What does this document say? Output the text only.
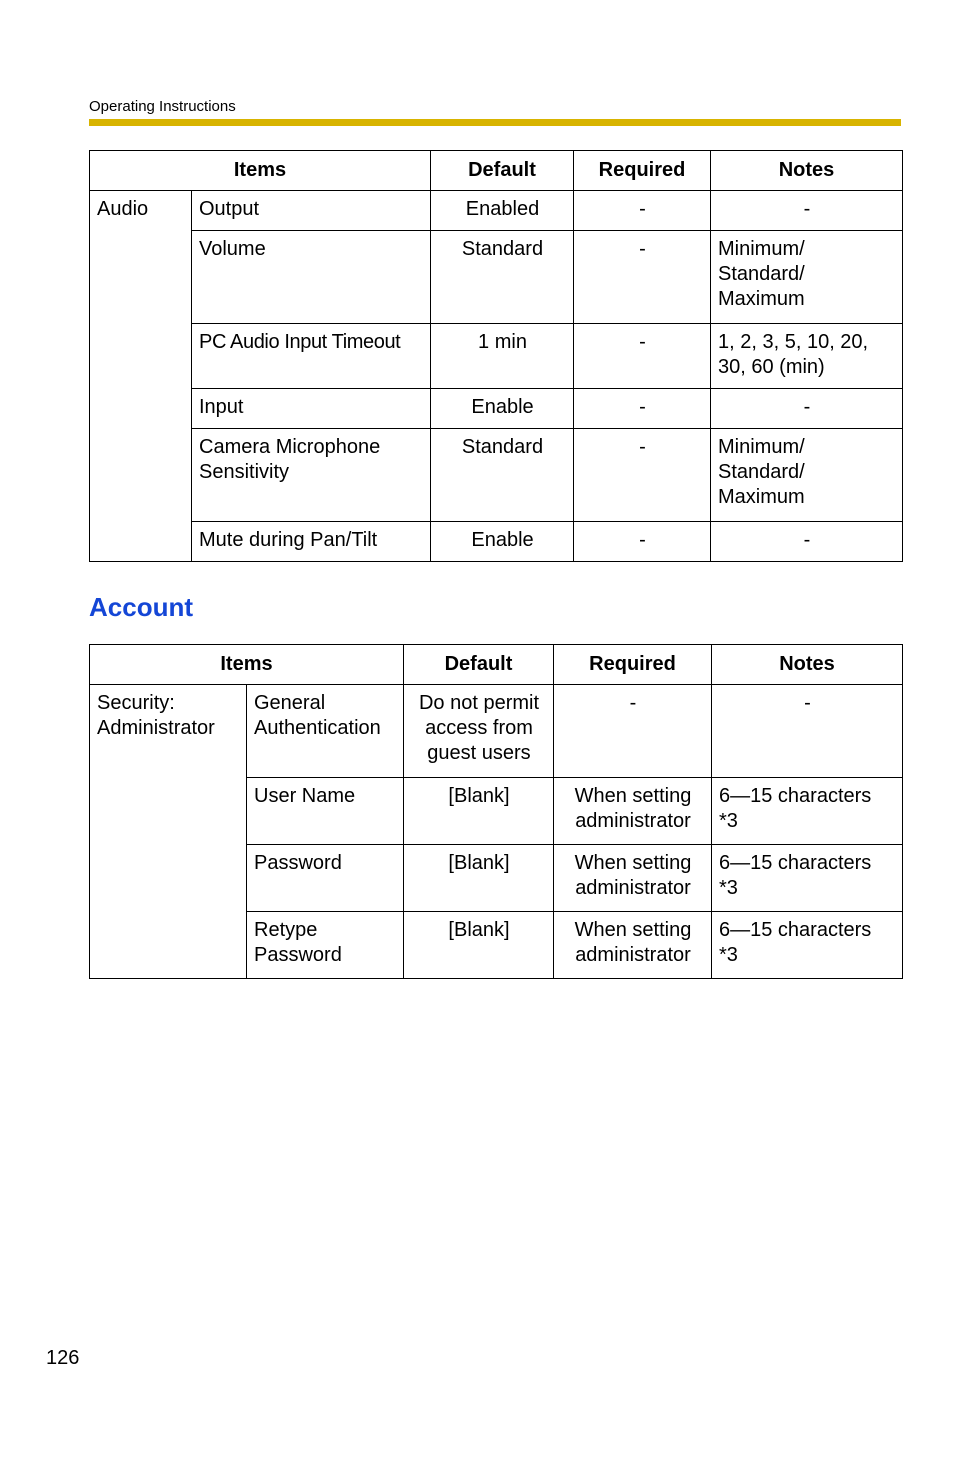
Operating Instructions
Items		Default	Required	Notes
Audio	Output	Enabled	-	-
	Volume	Standard	-	Minimum/
Standard/
Maximum
	PC Audio Input Timeout	1 min	-	1, 2, 3, 5, 10, 20,
30, 60 (min)
	Input	Enable	-	-
	Camera Microphone
Sensitivity	Standard	-	Minimum/
Standard/
Maximum
	Mute during Pan/Tilt	Enable	-	-
Account
Items		Default	Required	Notes
Security:
Administrator	General
Authentication	Do not permit
access from
guest users	-	-
	User Name	[Blank]	When setting
administrator	6—15 characters
*3
	Password	[Blank]	When setting
administrator	6—15 characters
*3
	Retype
Password	[Blank]	When setting
administrator	6—15 characters
*3
126
